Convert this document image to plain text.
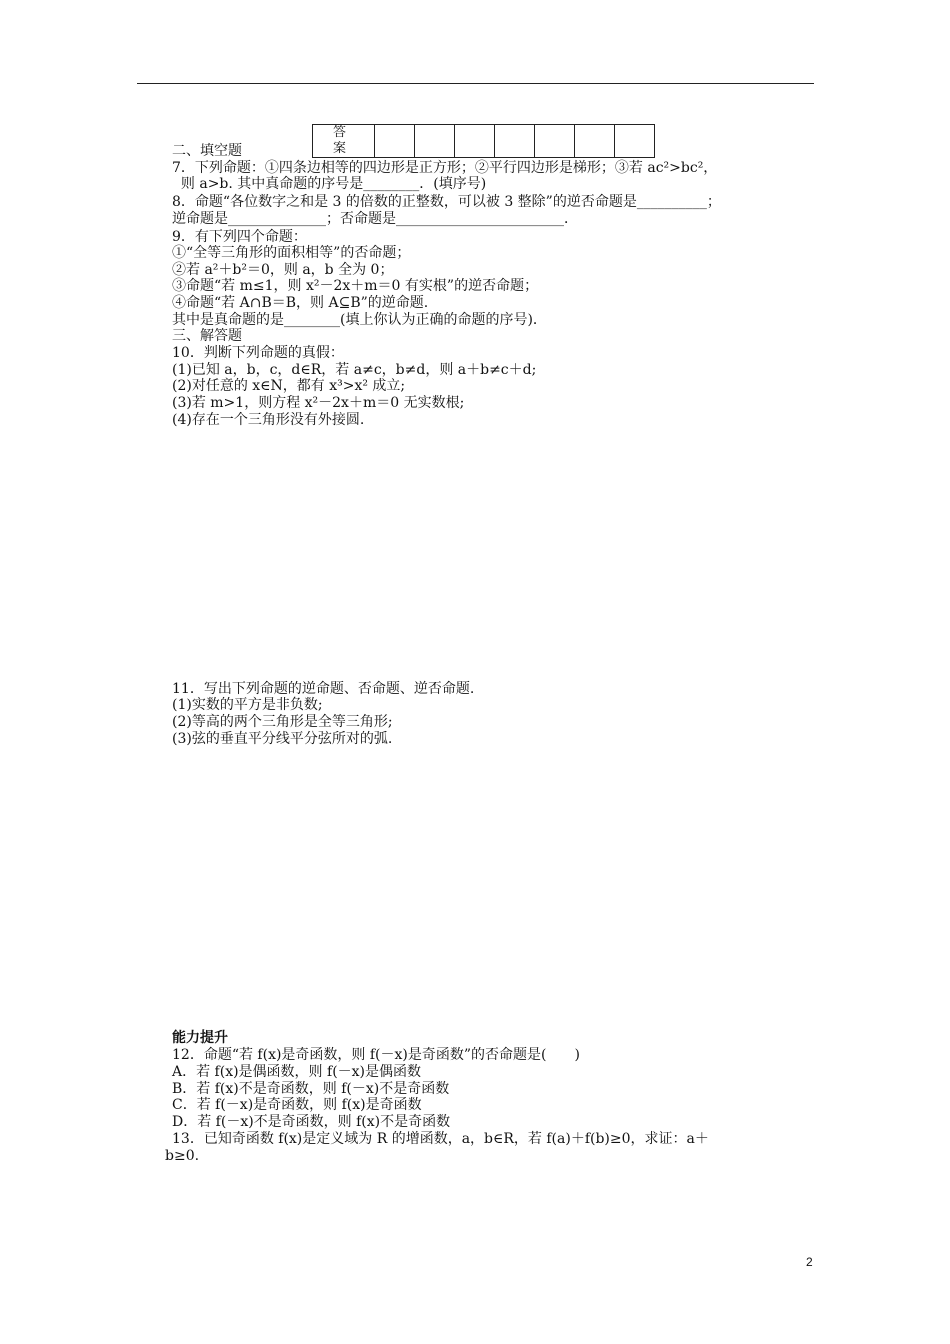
答　案							
二、填空题
7．下列命题：①四条边相等的四边形是正方形；②平行四边形是梯形；③若 ac²>bc²，
则 a>b. 其中真命题的序号是________．(填序号)
8．命题“各位数字之和是 3 的倍数的正整数，可以被 3 整除”的逆否命题是__________；
逆命题是______________；否命题是________________________．
9．有下列四个命题：
①“全等三角形的面积相等”的否命题；
②若 a²＋b²＝0，则 a，b 全为 0；
③命题“若 m≤1，则 x²－2x＋m＝0 有实根”的逆否命题；
④命题“若 A∩B＝B，则 A⊆B”的逆命题.
其中是真命题的是________(填上你认为正确的命题的序号)．
三、解答题
10．判断下列命题的真假：
(1)已知 a，b，c，d∈R，若 a≠c，b≠d，则 a＋b≠c＋d;
(2)对任意的 x∈N，都有 x³>x² 成立;
(3)若 m>1，则方程 x²－2x＋m＝0 无实数根;
(4)存在一个三角形没有外接圆.
11．写出下列命题的逆命题、否命题、逆否命题.
(1)实数的平方是非负数;
(2)等高的两个三角形是全等三角形;
(3)弦的垂直平分线平分弦所对的弧.
能力提升
12．命题“若 f(x)是奇函数，则 f(－x)是奇函数”的否命题是(　　)
A．若 f(x)是偶函数，则 f(－x)是偶函数
B．若 f(x)不是奇函数，则 f(－x)不是奇函数
C．若 f(－x)是奇函数，则 f(x)是奇函数
D．若 f(－x)不是奇函数，则 f(x)不是奇函数
13．已知奇函数 f(x)是定义域为 R 的增函数，a，b∈R，若 f(a)＋f(b)≥0，求证：a＋
b≥0.
2
